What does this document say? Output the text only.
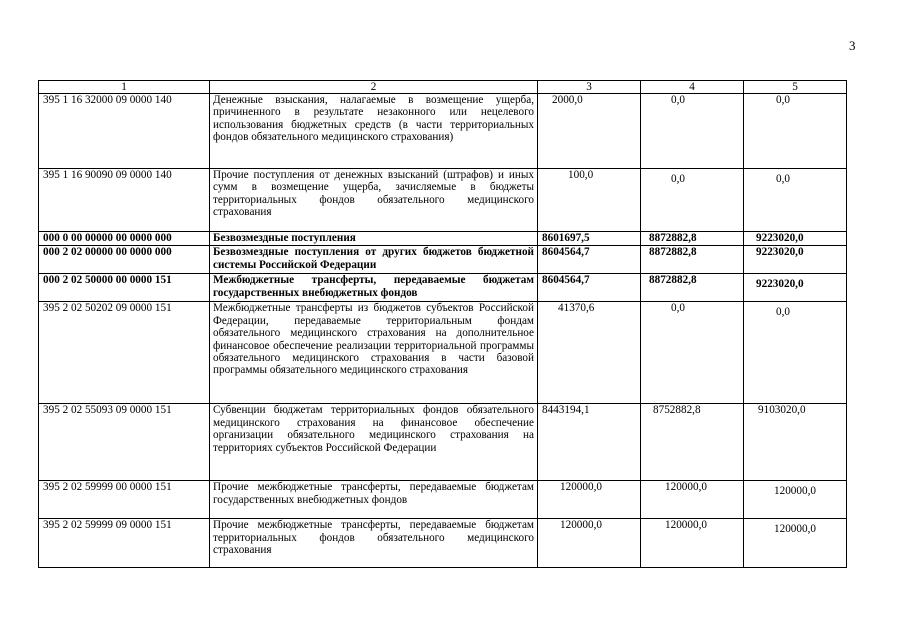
3
1	2	3	4	5
395 1 16 32000 09 0000 140	Денежные взыскания, налагаемые в возмещение ущерба, причиненного в результате незаконного или нецелевого использования бюджетных средств (в части территориальных фондов обязательного медицинского страхования)	2000,0	0,0	0,0
395 1 16 90090 09 0000 140	Прочие поступления от денежных взысканий (штрафов) и иных сумм в возмещение ущерба, зачисляемые в бюджеты территориальных фондов обязательного медицинского страхования	100,0	0,0	0,0
000 0 00 00000 00 0000 000	Безвозмездные поступления	8601697,5	8872882,8	9223020,0
000 2 02 00000 00 0000 000	Безвозмездные поступления от других бюджетов бюджетной системы Российской Федерации	8604564,7	8872882,8	9223020,0
000 2 02 50000 00 0000 151	Межбюджетные трансферты, передаваемые бюджетам государственных внебюджетных фондов	8604564,7	8872882,8	9223020,0
395 2 02 50202 09 0000 151	Межбюджетные трансферты из бюджетов субъектов Российской Федерации, передаваемые территориальным фондам обязательного медицинского страхования на дополнительное финансовое обеспечение реализации территориальной программы обязательного медицинского страхования в части базовой программы обязательного медицинского страхования	41370,6	0,0	0,0
395 2 02 55093 09 0000 151	Субвенции бюджетам территориальных фондов обязательного медицинского страхования на финансовое обеспечение организации обязательного медицинского страхования на территориях субъектов Российской Федерации	8443194,1	8752882,8	9103020,0
395 2 02 59999 00 0000 151	Прочие межбюджетные трансферты, передаваемые бюджетам государственных внебюджетных фондов	120000,0	120000,0	120000,0
395 2 02 59999 09 0000 151	Прочие межбюджетные трансферты, передаваемые бюджетам территориальных фондов обязательного медицинского страхования	120000,0	120000,0	120000,0
